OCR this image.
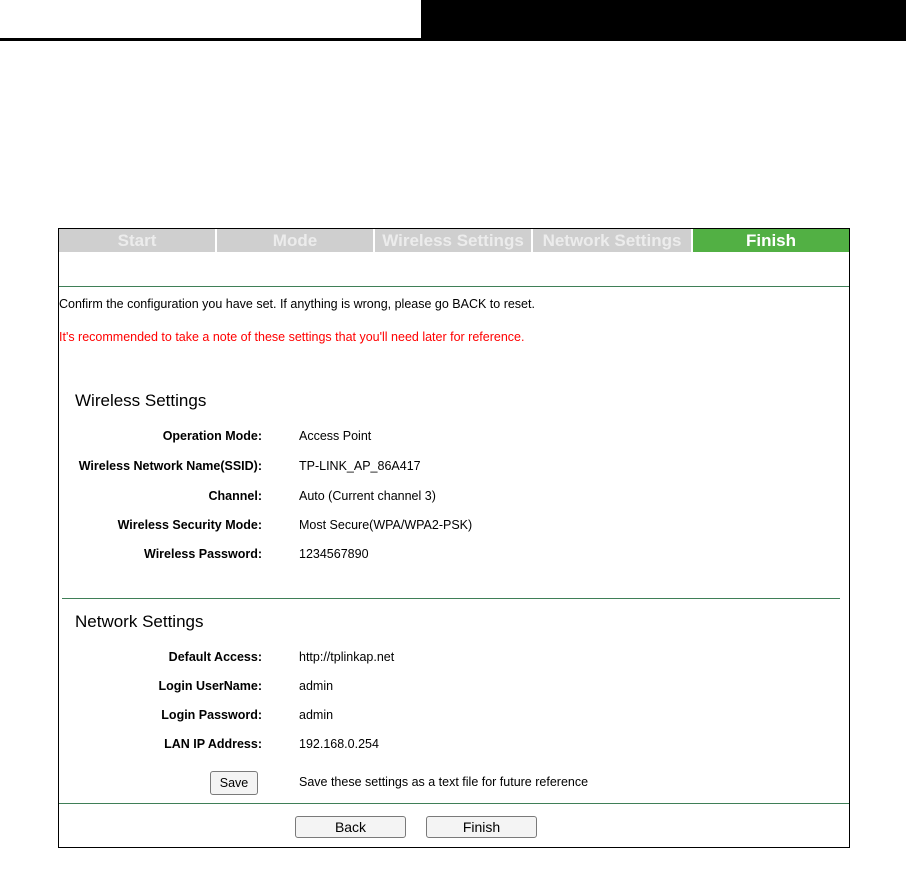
Start	Mode	Wireless Settings	Network Settings	Finish
Confirm the configuration you have set. If anything is wrong, please go BACK to reset.
It's recommended to take a note of these settings that you'll need later for reference.
Wireless Settings
Operation Mode:	Access Point
Wireless Network Name(SSID):	TP-LINK_AP_86A417
Channel:	Auto (Current channel 3)
Wireless Security Mode:	Most Secure(WPA/WPA2-PSK)
Wireless Password:	1234567890
Network Settings
Default Access:	http://tplinkap.net
Login UserName:	admin
Login Password:	admin
LAN IP Address:	192.168.0.254
Save	Save these settings as a text file for future reference
Back	Finish
